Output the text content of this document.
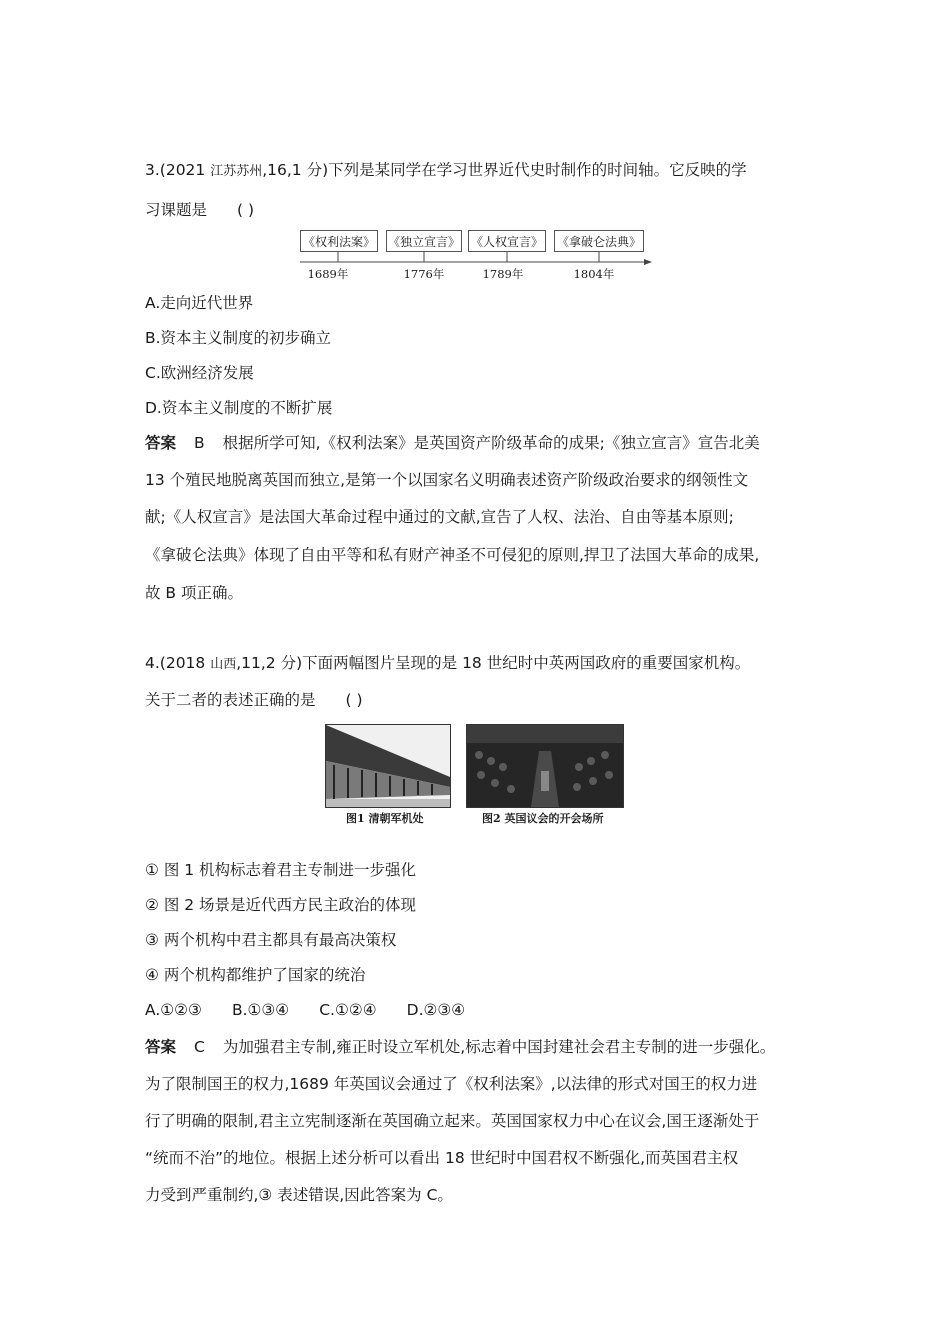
3.(2021 江苏苏州,16,1 分)下列是某同学在学习世界近代史时制作的时间轴。它反映的学
习课题是 ( )
《权利法案》 《独立宣言》 《人权宣言》 《拿破仑法典》
1689年	1776年	1789年	1804年
A.走向近代世界
B.资本主义制度的初步确立
C.欧洲经济发展
D.资本主义制度的不断扩展
答案 B 根据所学可知,《权利法案》是英国资产阶级革命的成果;《独立宣言》宣告北美
13 个殖民地脱离英国而独立,是第一个以国家名义明确表述资产阶级政治要求的纲领性文
献;《人权宣言》是法国大革命过程中通过的文献,宣告了人权、法治、自由等基本原则;
《拿破仑法典》体现了自由平等和私有财产神圣不可侵犯的原则,捍卫了法国大革命的成果,
故 B 项正确。
4.(2018 山西,11,2 分)下面两幅图片呈现的是 18 世纪时中英两国政府的重要国家机构。
关于二者的表述正确的是 ( )
图1 清朝军机处	图2 英国议会的开会场所
① 图 1 机构标志着君主专制进一步强化
② 图 2 场景是近代西方民主政治的体现
③ 两个机构中君主都具有最高决策权
④ 两个机构都维护了国家的统治
A.①②③ B.①③④ C.①②④ D.②③④
答案 C 为加强君主专制,雍正时设立军机处,标志着中国封建社会君主专制的进一步强化。
为了限制国王的权力,1689 年英国议会通过了《权利法案》,以法律的形式对国王的权力进
行了明确的限制,君主立宪制逐渐在英国确立起来。英国国家权力中心在议会,国王逐渐处于
“统而不治”的地位。根据上述分析可以看出 18 世纪时中国君权不断强化,而英国君主权
力受到严重制约,③ 表述错误,因此答案为 C。
